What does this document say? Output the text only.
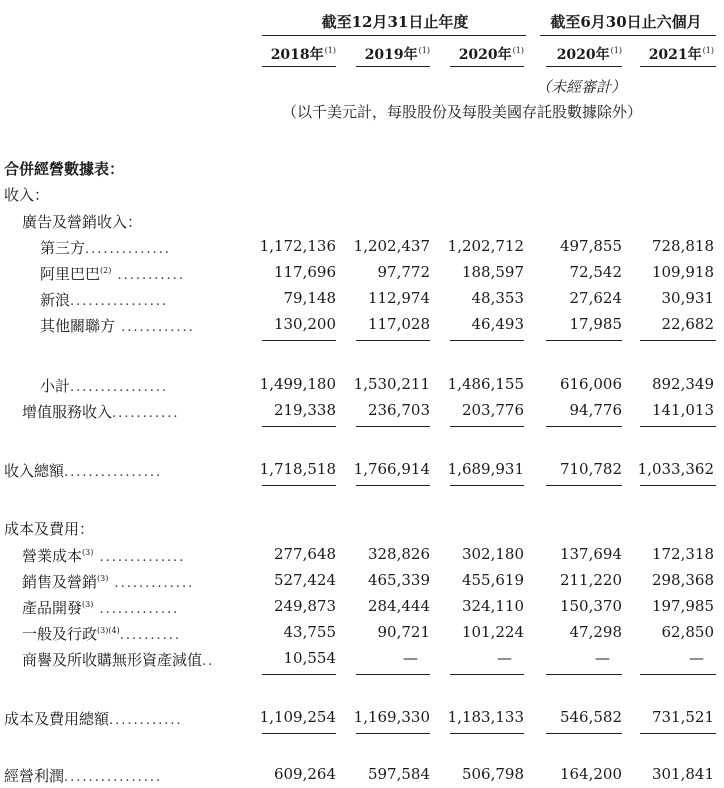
截至12月31日止年度	截至6月30日止六個月
2018年$^{(1)}$	2019年$^{(1)}$	2020年$^{(1)}$	2020年$^{(1)}$	2021年$^{(1)}$
（未經審計）
（以千美元計，每股股份及每股美國存託股數據除外）
合併經營數據表：
收入：
廣告及營銷收入：
第三方..............	1,172,136	1,202,437	1,202,712	497,855	728,818
阿里巴巴$^{(2)}$ ...........	117,696	97,772	188,597	72,542	109,918
新浪................	79,148	112,974	48,353	27,624	30,931
其他關聯方 ............	130,200	117,028	46,493	17,985	22,682
小計................	1,499,180	1,530,211	1,486,155	616,006	892,349
增值服務收入...........	219,338	236,703	203,776	94,776	141,013
收入總額................	1,718,518	1,766,914	1,689,931	710,782	1,033,362
成本及費用：
營業成本$^{(3)}$ ..............	277,648	328,826	302,180	137,694	172,318
銷售及營銷$^{(3)}$ .............	527,424	465,339	455,619	211,220	298,368
產品開發$^{(3)}$ .............	249,873	284,444	324,110	150,370	197,985
一般及行政$^{(3)(4)}$..........	43,755	90,721	101,224	47,298	62,850
商譽及所收購無形資產減值..	10,554	—	—	—	—
成本及費用總額............	1,109,254	1,169,330	1,183,133	546,582	731,521
經營利潤................	609,264	597,584	506,798	164,200	301,841
